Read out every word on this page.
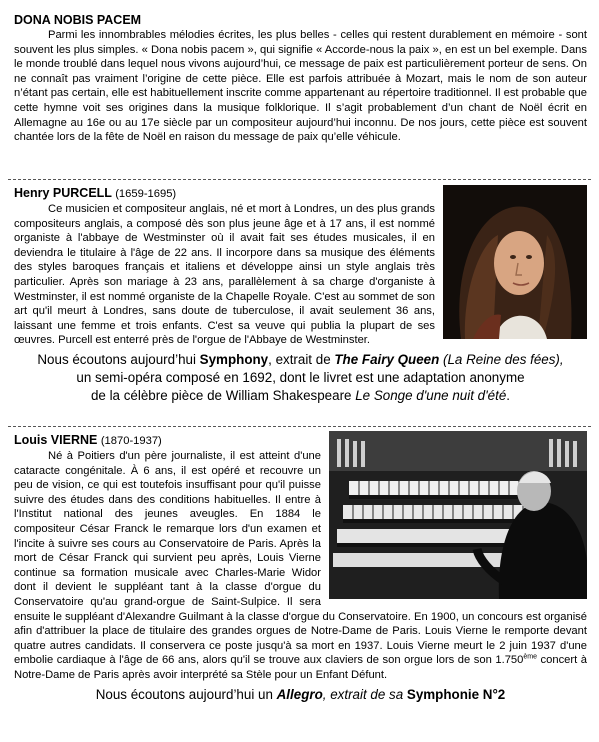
DONA NOBIS PACEM

Parmi les innombrables mélodies écrites, les plus belles - celles qui restent durablement en mémoire - sont souvent les plus simples. « Dona nobis pacem », qui signifie « Accorde-nous la paix », en est un bel exemple. Dans le monde troublé dans lequel nous vivons aujourd’hui, ce message de paix est particulièrement porteur de sens. On ne connaît pas vraiment l’origine de cette pièce. Elle est parfois attribuée à Mozart, mais le nom de son auteur n’étant pas certain, elle est habituellement inscrite comme appartenant au répertoire traditionnel. Il est probable que cette hymne voit ses origines dans la musique folklorique. Il s’agit probablement d’un chant de Noël écrit en Allemagne au 16e ou au 17e siècle par un compositeur aujourd’hui inconnu. De nos jours, cette pièce est souvent chantée lors de la fête de Noël en raison du message de paix qu’elle véhicule.

Henry PURCELL (1659-1695)

Ce musicien et compositeur anglais, né et mort à Londres, un des plus grands compositeurs anglais, a composé dès son plus jeune âge et à 17 ans, il est nommé organiste à l'abbaye de Westminster où il avait fait ses études musicales, il en deviendra le titulaire à l'âge de 22 ans. Il incorpore dans sa musique des éléments des styles baroques français et italiens et développe ainsi un style anglais très particulier. Après son mariage à 23 ans, parallèlement à sa charge d'organiste à Westminster, il est nommé organiste de la Chapelle Royale. C'est au sommet de son art qu'il meurt à Londres, sans doute de tuberculose, il avait seulement 36 ans, laissant une femme et trois enfants. C'est sa veuve qui publia la plupart de ses œuvres. Purcell est enterré près de l'orgue de l'Abbaye de Westminster.

Nous écoutons aujourd’hui Symphony, extrait de The Fairy Queen (La Reine des fées),
un semi-opéra composé en 1692, dont le livret est une adaptation anonyme
de la célèbre pièce de William Shakespeare Le Songe d'une nuit d'été.
Louis VIERNE (1870-1937)

Né à Poitiers d'un père journaliste, il est atteint d'une cataracte congénitale. À 6 ans, il est opéré et recouvre un peu de vision, ce qui est toutefois insuffisant pour qu'il puisse suivre des études dans des conditions habituelles. Il entre à l'Institut national des jeunes aveugles. En 1884 le compositeur César Franck le remarque lors d'un examen et l'incite à suivre ses cours au Conservatoire de Paris. Après la mort de César Franck qui survient peu après, Louis Vierne continue sa formation musicale avec Charles-Marie Widor dont il devient le suppléant tant à la classe d'orgue du Conservatoire qu'au grand-orgue de Saint-Sulpice. Il sera ensuite le suppléant d'Alexandre Guilmant à la classe d'orgue du Conservatoire. En 1900, un concours est organisé afin d'attribuer la place de titulaire des grandes orgues de Notre-Dame de Paris. Louis Vierne le remporte devant quatre autres candidats. Il conservera ce poste jusqu'à sa mort en 1937. Louis Vierne meurt le 2 juin 1937 d'une embolie cardiaque à l'âge de 66 ans, alors qu'il se trouve aux claviers de son orgue lors de son 1.750ème concert à Notre-Dame de Paris après avoir interprété sa Stèle pour un Enfant Défunt.

Nous écoutons aujourd’hui un Allegro, extrait de sa Symphonie N°2
